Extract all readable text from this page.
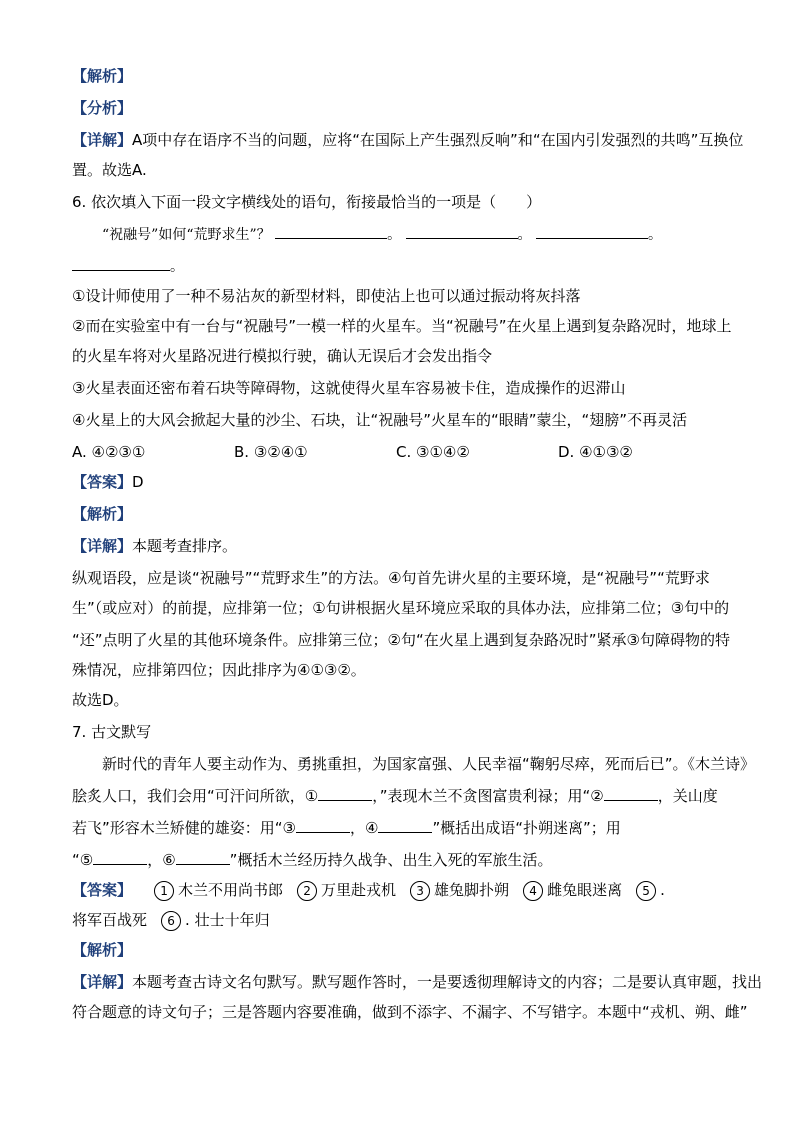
【解析】
【分析】
【详解】A项中存在语序不当的问题，应将“在国际上产生强烈反响”和“在国内引发强烈的共鸣”互换位
置。故选A.
6. 依次填入下面一段文字横线处的语句，衔接最恰当的一项是（　　）
“祝融号”如何“荒野求生”？	。	。	。
。
①设计师使用了一种不易沾灰的新型材料，即使沾上也可以通过振动将灰抖落
②而在实验室中有一台与“祝融号”一模一样的火星车。当“祝融号”在火星上遇到复杂路况时，地球上
的火星车将对火星路况进行模拟行驶，确认无误后才会发出指令
③火星表面还密布着石块等障碍物，这就使得火星车容易被卡住，造成操作的迟滞山
④火星上的大风会掀起大量的沙尘、石块，让“祝融号”火星车的“眼睛”蒙尘，“翅膀”不再灵活
A. ④②③①	B. ③②④①	C. ③①④②	D. ④①③②
【答案】D
【解析】
【详解】本题考查排序。
纵观语段，应是谈“祝融号”“荒野求生”的方法。④句首先讲火星的主要环境，是“祝融号”“荒野求
生”（或应对）的前提，应排第一位；①句讲根据火星环境应采取的具体办法，应排第二位；③句中的
“还”点明了火星的其他环境条件。应排第三位；②句“在火星上遇到复杂路况时”紧承③句障碍物的特
殊情况，应排第四位；因此排序为④①③②。
故选D。
7. 古文默写
新时代的青年人要主动作为、勇挑重担，为国家富强、人民幸福“鞠躬尽瘁，死而后已”。《木兰诗》
脍炙人口，我们会用“可汗问所欲，①	，”表现木兰不贪图富贵利禄；用“②	，关山度
若飞”形容木兰矫健的雄姿：用“③	，④	”概括出成语“扑朔迷离”；用
“⑤	，⑥	”概括木兰经历持久战争、出生入死的军旅生活。
【答案】 1 木兰不用尚书郎 2 万里赴戎机 3 雄兔脚扑朔 4 雌兔眼迷离 5 .
将军百战死 6 . 壮士十年归
【解析】
【详解】本题考查古诗文名句默写。默写题作答时，一是要透彻理解诗文的内容；二是要认真审题，找出
符合题意的诗文句子；三是答题内容要准确，做到不添字、不漏字、不写错字。本题中“戎机、朔、雌”
